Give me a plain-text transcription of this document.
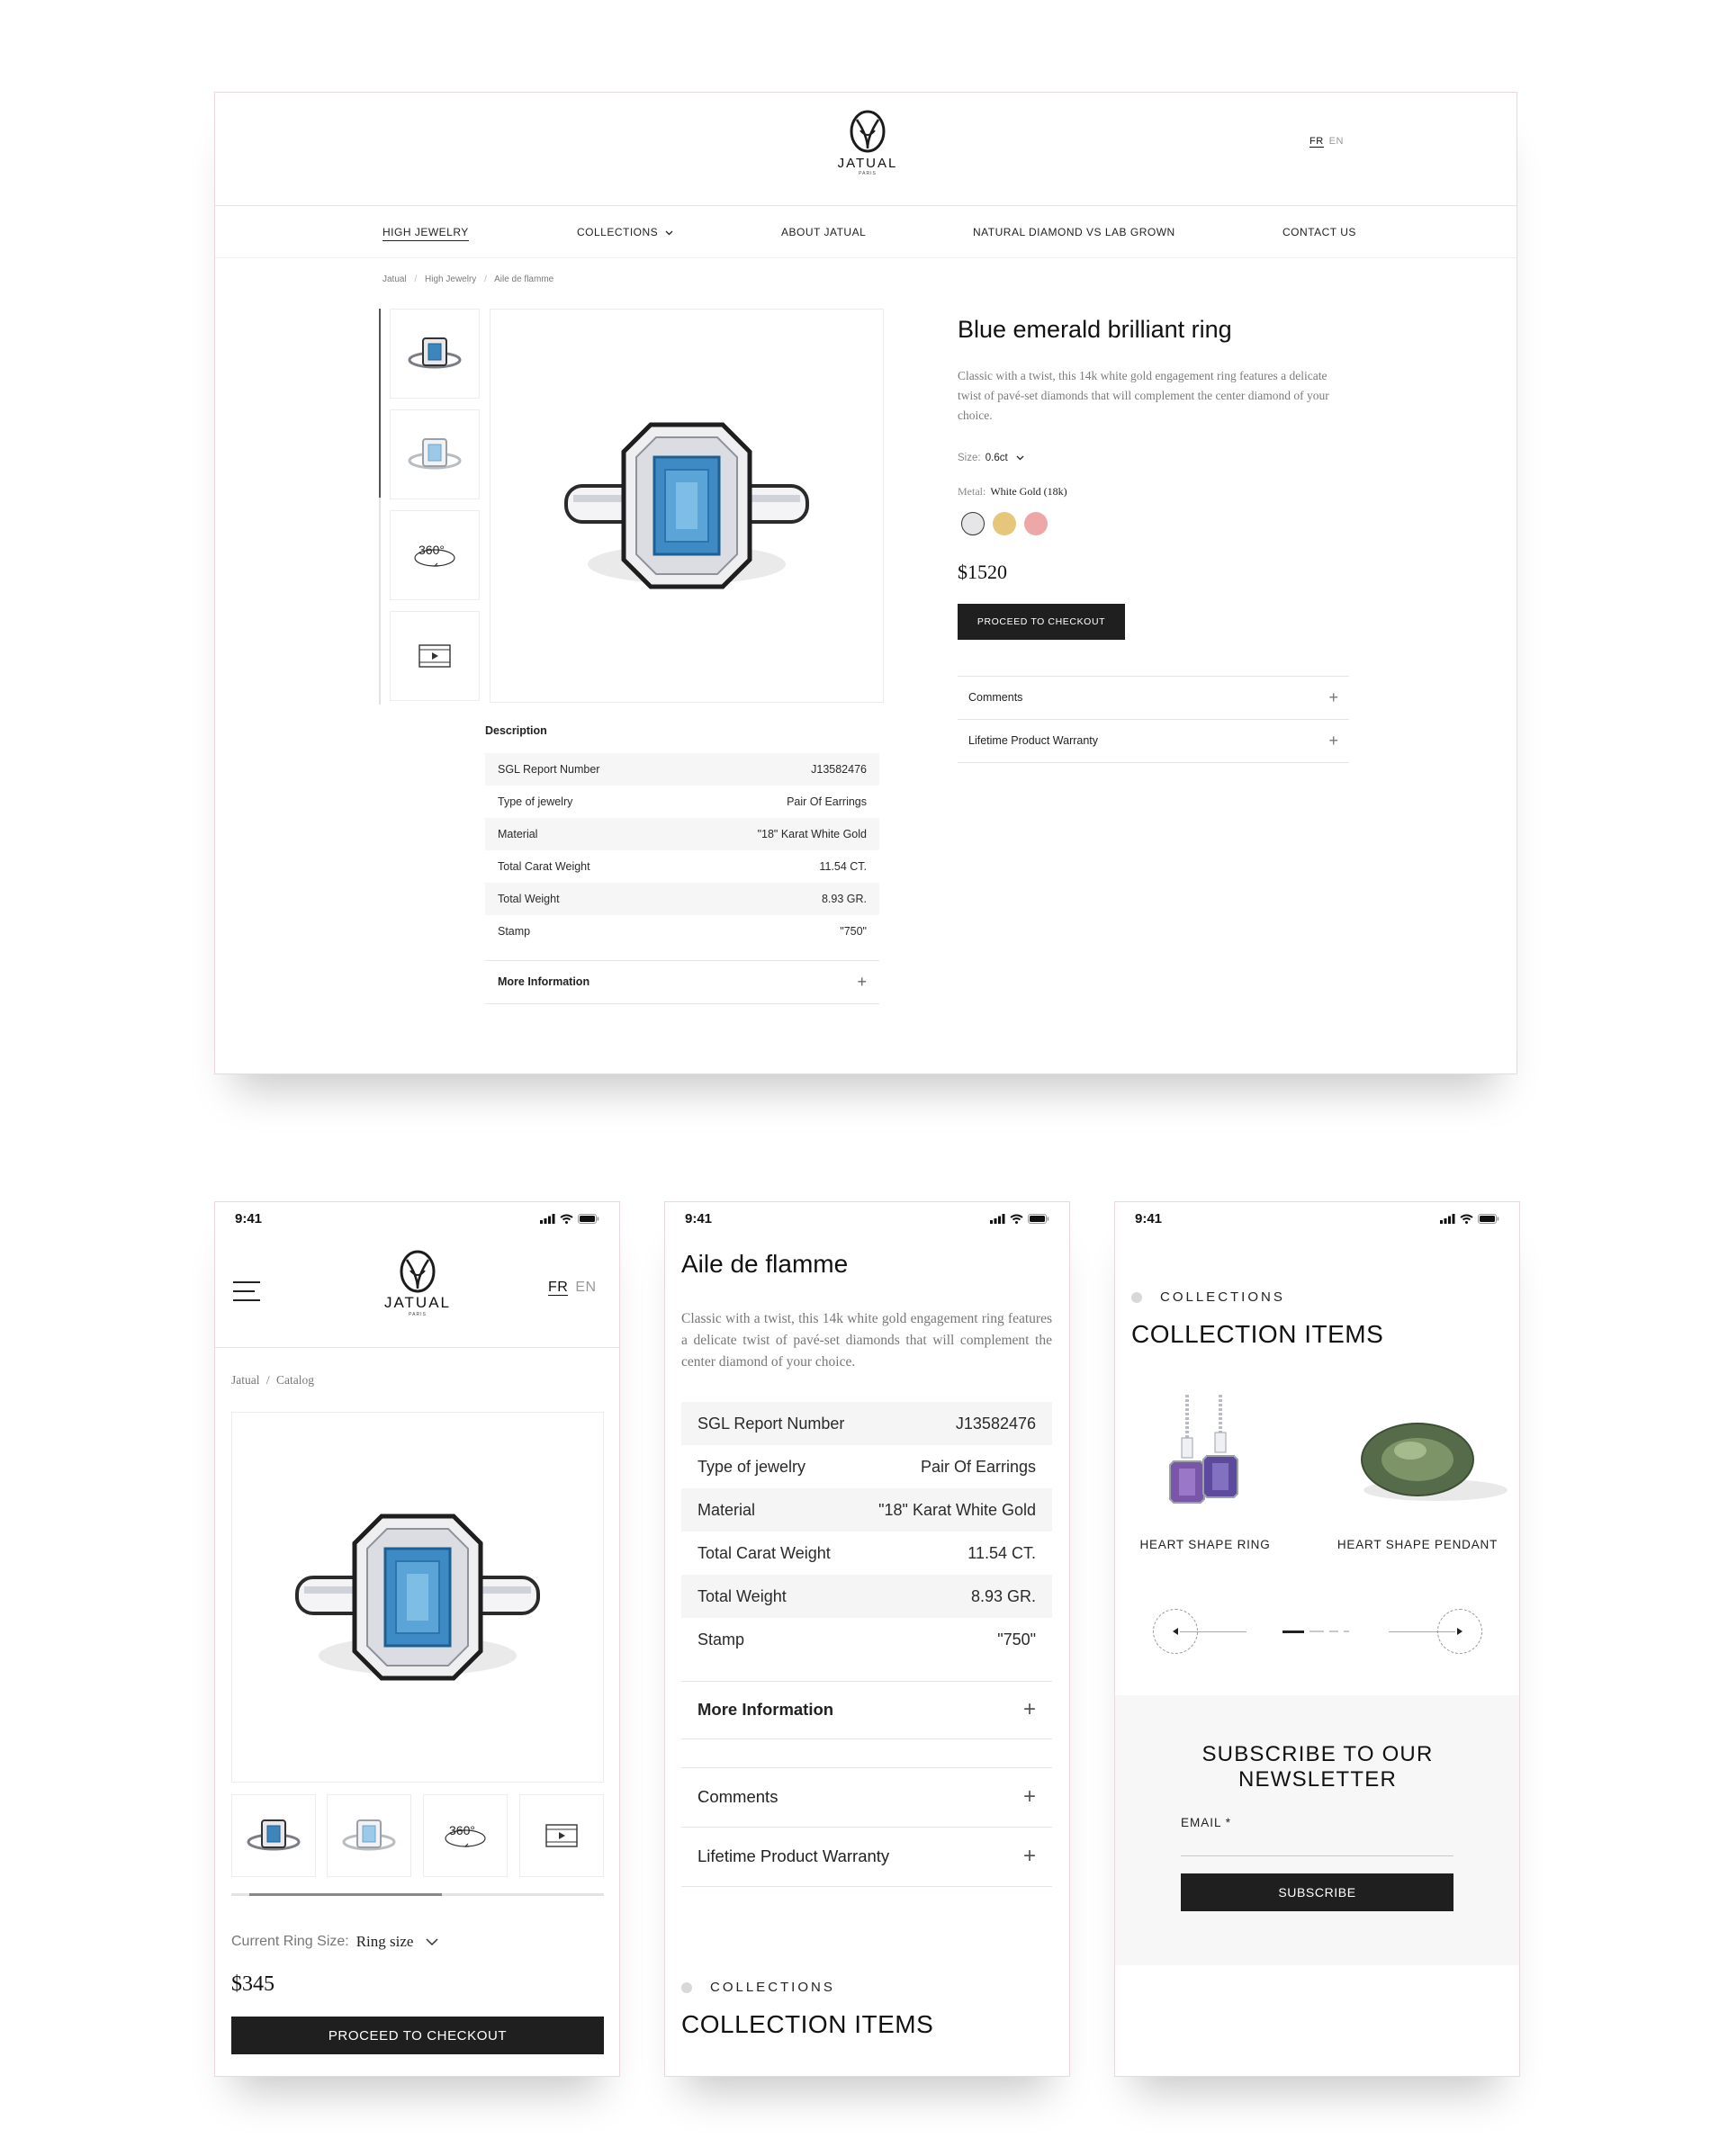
JATUAL
PARIS
FR EN
HIGH JEWELRY	COLLECTIONS	ABOUT JATUAL	NATURAL DIAMOND VS LAB GROWN	CONTACT US
Jatual / High Jewelry / Aile de flamme
360°
Description
SGL Report Number	J13582476
Type of jewelry	Pair Of Earrings
Material	"18" Karat White Gold
Total Carat Weight	11.54 CT.
Total Weight	8.93 GR.
Stamp	"750"
More Information	+
Blue emerald brilliant ring
Classic with a twist, this 14k white gold engagement ring features a delicate twist of pavé-set diamonds that will complement the center diamond of your choice.
Size: 0.6ct
Metal: White Gold (18k)
$1520
PROCEED TO CHECKOUT
Comments	+
Lifetime Product Warranty	+
9:41
JATUAL
PARIS
FR EN
Jatual / Catalog
360°
Current Ring Size: Ring size
$345
PROCEED TO CHECKOUT
9:41
Aile de flamme
Classic with a twist, this 14k white gold engagement ring features a delicate twist of pavé-set diamonds that will complement the center diamond of your choice.
SGL Report Number	J13582476
Type of jewelry	Pair Of Earrings
Material	"18" Karat White Gold
Total Carat Weight	11.54 CT.
Total Weight	8.93 GR.
Stamp	"750"
More Information	+
Comments	+
Lifetime Product Warranty	+
COLLECTIONS
COLLECTION ITEMS
9:41
COLLECTIONS
COLLECTION ITEMS
HEART SHAPE RING	HEART SHAPE PENDANT
SUBSCRIBE TO OUR NEWSLETTER
EMAIL *
SUBSCRIBE
